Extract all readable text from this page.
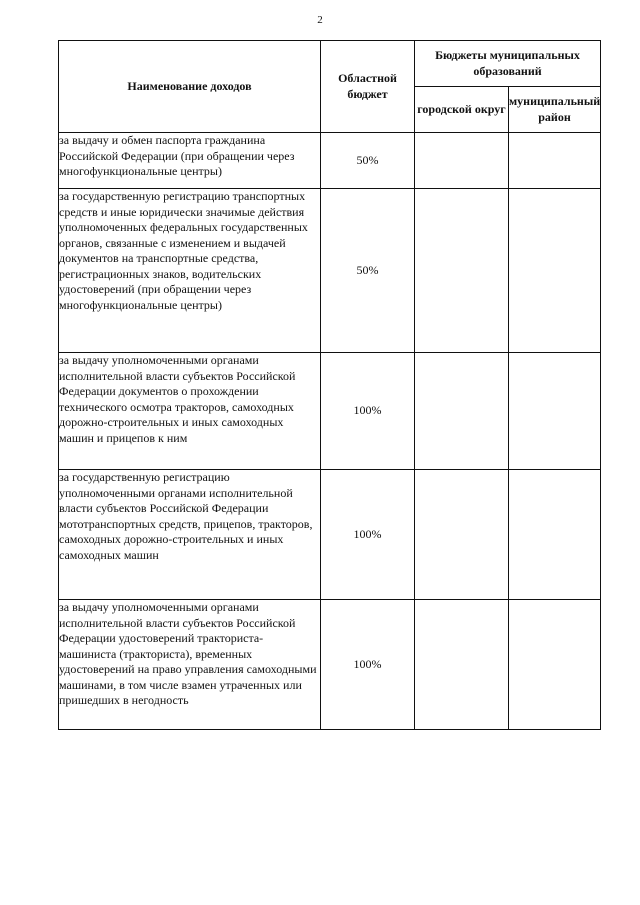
2
Наименование доходов	Областной бюджет	Бюджеты муниципальных образований	
		городской округ	муниципальный район
за выдачу и обмен паспорта гражданина Российской Федерации (при обращении через многофункциональные центры)	50%		
за государственную регистрацию транспортных средств и иные юридически значимые действия уполномоченных федеральных государственных органов, связанные с изменением и выдачей документов на транспортные средства, регистрационных знаков, водительских удостоверений (при обращении через многофункциональные центры)	50%		
за выдачу уполномоченными органами исполнительной власти субъектов Российской Федерации документов о прохождении технического осмотра тракторов, самоходных дорожно-строительных и иных самоходных машин и прицепов к ним	100%		
за государственную регистрацию уполномоченными органами исполнительной власти субъектов Российской Федерации мототранспортных средств, прицепов, тракторов, самоходных дорожно-строительных и иных самоходных машин	100%		
за выдачу уполномоченными органами исполнительной власти субъектов Российской Федерации удостоверений тракториста-машиниста (тракториста), временных удостоверений на право управления самоходными машинами, в том числе взамен утраченных или пришедших в негодность	100%		
